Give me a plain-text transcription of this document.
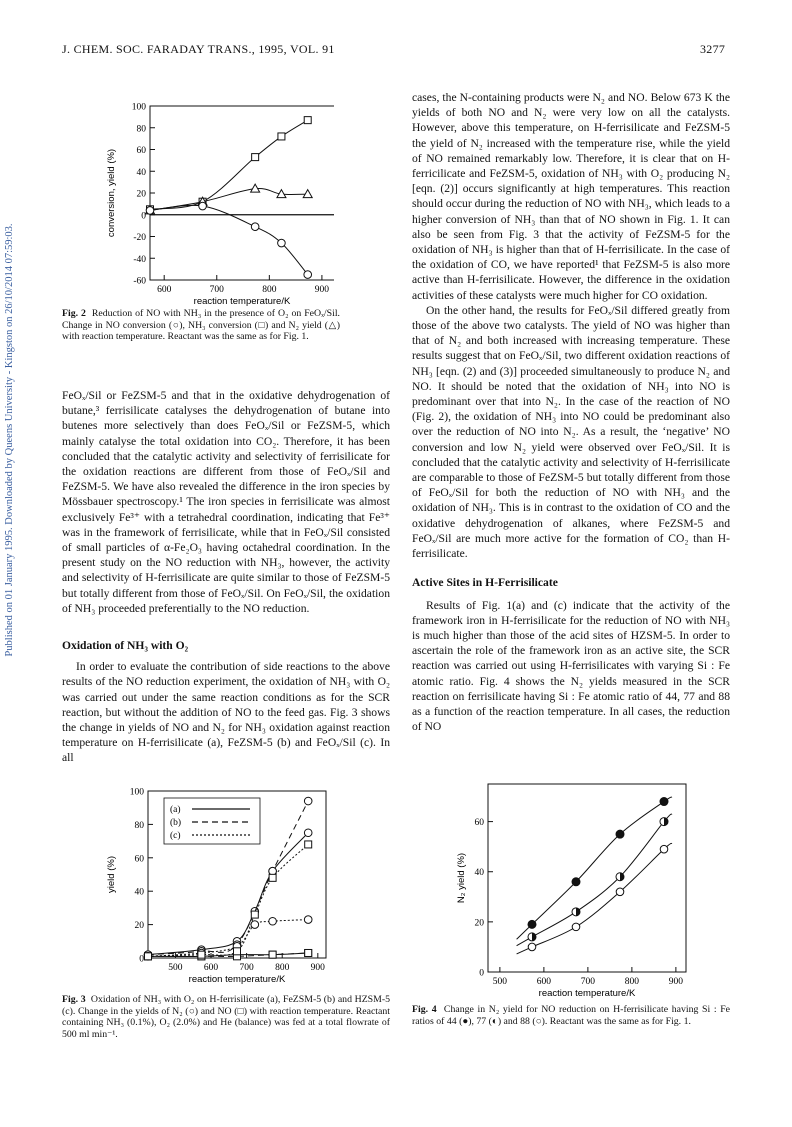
Published on 01 January 1995. Downloaded by Queens University - Kingston on 26/10/2014 07:59:03.
J. CHEM. SOC. FARADAY TRANS., 1995, VOL. 91	3277
100
80
60
40
20
0
-20
-40
-60
600	700	800	900
reaction temperature/K
conversion, yield (%)
Fig. 2 Reduction of NO with NH₃ in the presence of O₂ on FeOₓ/Sil. Change in NO conversion (○), NH₃ conversion (□) and N₂ yield (△) with reaction temperature. Reactant was the same as for Fig. 1.

FeOₓ/Sil or FeZSM-5 and that in the oxidative dehydrogenation of butane,³ ferrisilicate catalyses the dehydrogenation of butane into butenes more selectively than does FeOₓ/Sil or FeZSM-5, which mainly catalyse the total oxidation into CO₂. Therefore, it has been concluded that the catalytic activity and selectivity of ferrisilicate for the oxidation reactions are different from those of FeOₓ/Sil and FeZSM-5. We have also revealed the difference in the iron species by Mössbauer spectroscopy.¹ The iron species in ferrisilicate was almost exclusively Fe³⁺ with a tetrahedral coordination, indicating that Fe³⁺ was in the framework of ferrisilicate, while that in FeOₓ/Sil consisted of small particles of α-Fe₂O₃ having octahedral coordination. In the present study on the NO reduction with NH₃, however, the activity and selectivity of H-ferrisilicate are quite similar to those of FeZSM-5 but totally different from those of FeOₓ/Sil. On FeOₓ/Sil, the oxidation of NH₃ proceeded preferentially to the NO reduction.

Oxidation of NH₃ with O₂

In order to evaluate the contribution of side reactions to the above results of the NO reduction experiment, the oxidation of NH₃ with O₂ was carried out under the same reaction conditions as for the SCR reaction, but without the addition of NO to the feed gas. Fig. 3 shows the change in yields of NO and N₂ for NH₃ oxidation against reaction temperature on H-ferrisilicate (a), FeZSM-5 (b) and FeOₓ/Sil (c). In all

cases, the N-containing products were N₂ and NO. Below 673 K the yields of both NO and N₂ were very low on all the catalysts. However, above this temperature, on H-ferrisilicate and FeZSM-5 the yield of N₂ increased with the temperature rise, while the yield of NO remained remarkably low. Therefore, it is clear that on H-ferricilicate and FeZSM-5, oxidation of NH₃ with O₂ producing N₂ [eqn. (2)] occurs significantly at high temperatures. This reaction should occur during the reduction of NO with NH₃, which leads to a higher conversion of NH₃ than that of NO shown in Fig. 1. It can also be seen from Fig. 3 that the activity of FeZSM-5 for the oxidation of NH₃ is higher than that of H-ferrisilicate. In the case of the oxidation of CO, we have reported¹ that FeZSM-5 is also more active than H-ferrisilicate. However, the difference in the oxidation activities of these catalysts were much higher for CO oxidation.

On the other hand, the results for FeOₓ/Sil differed greatly from those of the above two catalysts. The yield of NO was higher than that of N₂ and both increased with increasing temperature. These results suggest that on FeOₓ/Sil, two different oxidation reactions of NH₃ [eqn. (2) and (3)] proceeded simultaneously to produce N₂ and NO. It should be noted that the oxidation of NH₃ into NO is predominant over that into N₂. In the case of the reaction of NO (Fig. 2), the oxidation of NH₃ into NO could be predominant also over the reduction of NO into N₂. As a result, the ‘negative’ NO conversion and low N₂ yield were observed over FeOₓ/Sil. It is concluded that the catalytic activity and selectivity of H-ferrisilicate are comparable to those of FeZSM-5 but totally different from those of FeOₓ/Sil for both the reduction of NO with NH₃ and the oxidation of NH₃. This is in contrast to the oxidation of CO and the oxidative dehydrogenation of alkanes, where FeZSM-5 and FeOₓ/Sil are much more active for the formation of CO₂ than H-ferrisilicate.

Active Sites in H-Ferrisilicate

Results of Fig. 1(a) and (c) indicate that the activity of the framework iron in H-ferrisilicate for the reduction of NO with NH₃ is much higher than those of the acid sites of HZSM-5. In order to ascertain the role of the framework iron as an active site, the SCR reaction was carried out using H-ferrisilicates with varying Si : Fe atomic ratio. Fig. 4 shows the N₂ yields measured in the SCR reaction on ferrisilicate having Si : Fe atomic ratio of 44, 77 and 88 as a function of the reaction temperature. In all cases, the reduction of NO

100
80
60
40
20
0
500 600 700 800 900
reaction temperature/K
yield (%)
(a)
(b)
(c)
Fig. 3 Oxidation of NH₃ with O₂ on H-ferrisilicate (a), FeZSM-5 (b) and HZSM-5 (c). Change in the yields of N₂ (○) and NO (□) with reaction temperature. Reactant containing NH₃ (0.1%), O₂ (2.0%) and He (balance) was fed at a total flowrate of 500 ml min⁻¹.
0
20
40
60
500	600	700	800	900
reaction temperature/K
N₂ yield (%)
Fig. 4 Change in N₂ yield for NO reduction on H-ferrisilicate having Si : Fe ratios of 44 (●), 77 (◐) and 88 (○). Reactant was the same as for Fig. 1.
